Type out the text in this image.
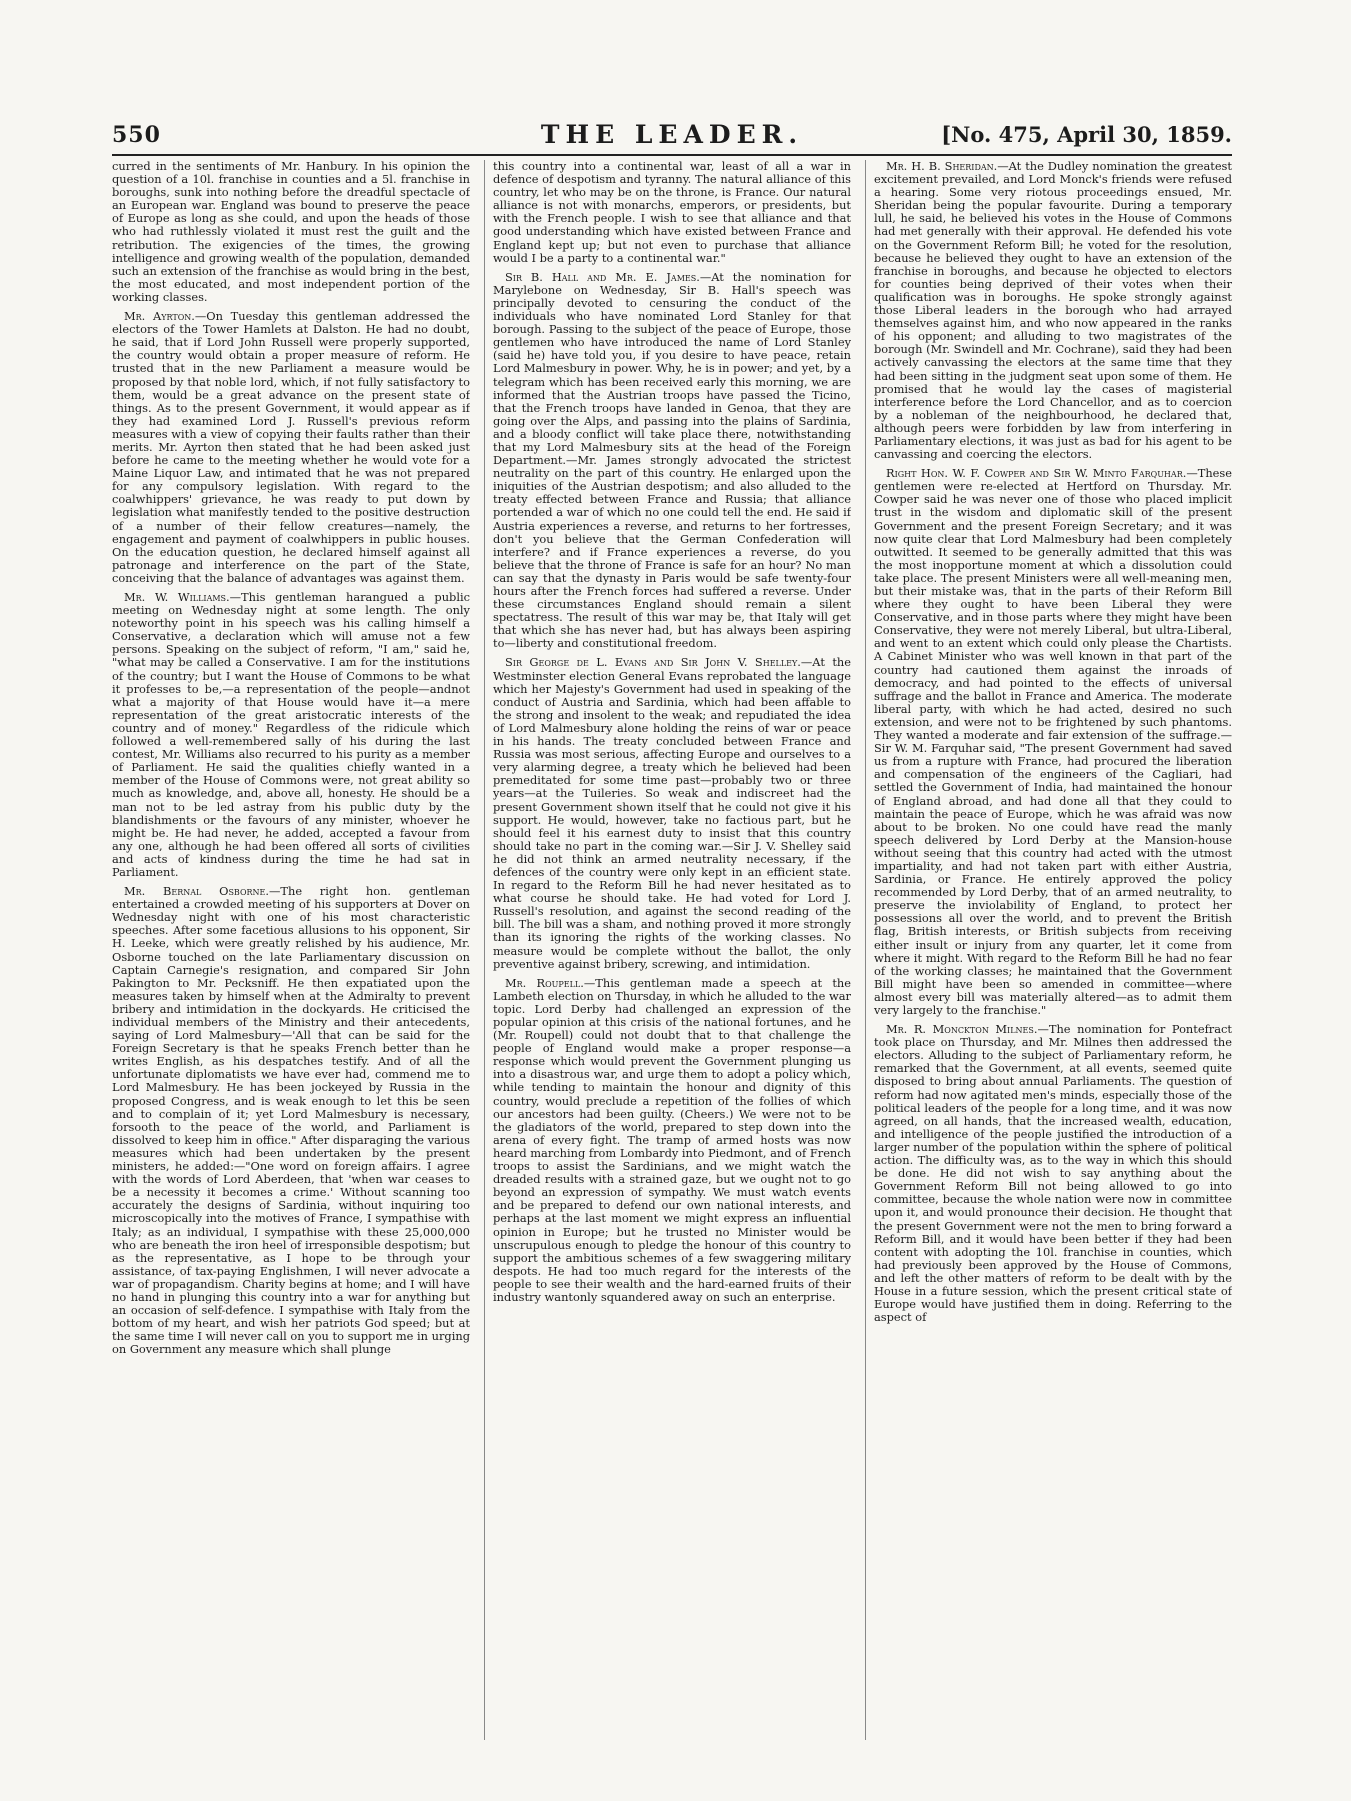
550	THE LEADER.	[No. 475, April 30, 1859.

curred in the sentiments of Mr. Hanbury. In his opinion the question of a 10l. franchise in counties and a 5l. franchise in boroughs, sunk into nothing before the dreadful spectacle of an European war. England was bound to preserve the peace of Europe as long as she could, and upon the heads of those who had ruthlessly violated it must rest the guilt and the retribution. The exigencies of the times, the growing intelligence and growing wealth of the population, demanded such an extension of the franchise as would bring in the best, the most educated, and most independent portion of the working classes.

Mr. Ayrton.—On Tuesday this gentleman addressed the electors of the Tower Hamlets at Dalston. He had no doubt, he said, that if Lord John Russell were properly supported, the country would obtain a proper measure of reform. He trusted that in the new Parliament a measure would be proposed by that noble lord, which, if not fully satisfactory to them, would be a great advance on the present state of things. As to the present Government, it would appear as if they had examined Lord J. Russell's previous reform measures with a view of copying their faults rather than their merits. Mr. Ayrton then stated that he had been asked just before he came to the meeting whether he would vote for a Maine Liquor Law, and intimated that he was not prepared for any compulsory legislation. With regard to the coalwhippers' grievance, he was ready to put down by legislation what manifestly tended to the positive destruction of a number of their fellow creatures—namely, the engagement and payment of coalwhippers in public houses. On the education question, he declared himself against all patronage and interference on the part of the State, conceiving that the balance of advantages was against them.

Mr. W. Williams.—This gentleman harangued a public meeting on Wednesday night at some length. The only noteworthy point in his speech was his calling himself a Conservative, a declaration which will amuse not a few persons. Speaking on the subject of reform, "I am," said he, "what may be called a Conservative. I am for the institutions of the country; but I want the House of Commons to be what it professes to be,—a representation of the people—andnot what a majority of that House would have it—a mere representation of the great aristocratic interests of the country and of money." Regardless of the ridicule which followed a well-remembered sally of his during the last contest, Mr. Williams also recurred to his purity as a member of Parliament. He said the qualities chiefly wanted in a member of the House of Commons were, not great ability so much as knowledge, and, above all, honesty. He should be a man not to be led astray from his public duty by the blandishments or the favours of any minister, whoever he might be. He had never, he added, accepted a favour from any one, although he had been offered all sorts of civilities and acts of kindness during the time he had sat in Parliament.

Mr. Bernal Osborne.—The right hon. gentleman entertained a crowded meeting of his supporters at Dover on Wednesday night with one of his most characteristic speeches. After some facetious allusions to his opponent, Sir H. Leeke, which were greatly relished by his audience, Mr. Osborne touched on the late Parliamentary discussion on Captain Carnegie's resignation, and compared Sir John Pakington to Mr. Pecksniff. He then expatiated upon the measures taken by himself when at the Admiralty to prevent bribery and intimidation in the dockyards. He criticised the individual members of the Ministry and their antecedents, saying of Lord Malmesbury—'All that can be said for the Foreign Secretary is that he speaks French better than he writes English, as his despatches testify. And of all the unfortunate diplomatists we have ever had, commend me to Lord Malmesbury. He has been jockeyed by Russia in the proposed Congress, and is weak enough to let this be seen and to complain of it; yet Lord Malmesbury is necessary, forsooth to the peace of the world, and Parliament is dissolved to keep him in office." After disparaging the various measures which had been undertaken by the present ministers, he added:—"One word on foreign affairs. I agree with the words of Lord Aberdeen, that 'when war ceases to be a necessity it becomes a crime.' Without scanning too accurately the designs of Sardinia, without inquiring too microscopically into the motives of France, I sympathise with Italy; as an individual, I sympathise with these 25,000,000 who are beneath the iron heel of irresponsible despotism; but as the representative, as I hope to be through your assistance, of tax-paying Englishmen, I will never advocate a war of propagandism. Charity begins at home; and I will have no hand in plunging this country into a war for anything but an occasion of self-defence. I sympathise with Italy from the bottom of my heart, and wish her patriots God speed; but at the same time I will never call on you to support me in urging on Government any measure which shall plunge

this country into a continental war, least of all a war in defence of despotism and tyranny. The natural alliance of this country, let who may be on the throne, is France. Our natural alliance is not with monarchs, emperors, or presidents, but with the French people. I wish to see that alliance and that good understanding which have existed between France and England kept up; but not even to purchase that alliance would I be a party to a continental war."

Sir B. Hall and Mr. E. James.—At the nomination for Marylebone on Wednesday, Sir B. Hall's speech was principally devoted to censuring the conduct of the individuals who have nominated Lord Stanley for that borough. Passing to the subject of the peace of Europe, those gentlemen who have introduced the name of Lord Stanley (said he) have told you, if you desire to have peace, retain Lord Malmesbury in power. Why, he is in power; and yet, by a telegram which has been received early this morning, we are informed that the Austrian troops have passed the Ticino, that the French troops have landed in Genoa, that they are going over the Alps, and passing into the plains of Sardinia, and a bloody conflict will take place there, notwithstanding that my Lord Malmesbury sits at the head of the Foreign Department.—Mr. James strongly advocated the strictest neutrality on the part of this country. He enlarged upon the iniquities of the Austrian despotism; and also alluded to the treaty effected between France and Russia; that alliance portended a war of which no one could tell the end. He said if Austria experiences a reverse, and returns to her fortresses, don't you believe that the German Confederation will interfere? and if France experiences a reverse, do you believe that the throne of France is safe for an hour? No man can say that the dynasty in Paris would be safe twenty-four hours after the French forces had suffered a reverse. Under these circumstances England should remain a silent spectatress. The result of this war may be, that Italy will get that which she has never had, but has always been aspiring to—liberty and constitutional freedom.

Sir George de L. Evans and Sir John V. Shelley.—At the Westminster election General Evans reprobated the language which her Majesty's Government had used in speaking of the conduct of Austria and Sardinia, which had been affable to the strong and insolent to the weak; and repudiated the idea of Lord Malmesbury alone holding the reins of war or peace in his hands. The treaty concluded between France and Russia was most serious, affecting Europe and ourselves to a very alarming degree, a treaty which he believed had been premeditated for some time past—probably two or three years—at the Tuileries. So weak and indiscreet had the present Government shown itself that he could not give it his support. He would, however, take no factious part, but he should feel it his earnest duty to insist that this country should take no part in the coming war.—Sir J. V. Shelley said he did not think an armed neutrality necessary, if the defences of the country were only kept in an efficient state. In regard to the Reform Bill he had never hesitated as to what course he should take. He had voted for Lord J. Russell's resolution, and against the second reading of the bill. The bill was a sham, and nothing proved it more strongly than its ignoring the rights of the working classes. No measure would be complete without the ballot, the only preventive against bribery, screwing, and intimidation.

Mr. Roupell.—This gentleman made a speech at the Lambeth election on Thursday, in which he alluded to the war topic. Lord Derby had challenged an expression of the popular opinion at this crisis of the national fortunes, and he (Mr. Roupell) could not doubt that to that challenge the people of England would make a proper response—a response which would prevent the Government plunging us into a disastrous war, and urge them to adopt a policy which, while tending to maintain the honour and dignity of this country, would preclude a repetition of the follies of which our ancestors had been guilty. (Cheers.) We were not to be the gladiators of the world, prepared to step down into the arena of every fight. The tramp of armed hosts was now heard marching from Lombardy into Piedmont, and of French troops to assist the Sardinians, and we might watch the dreaded results with a strained gaze, but we ought not to go beyond an expression of sympathy. We must watch events and be prepared to defend our own national interests, and perhaps at the last moment we might express an influential opinion in Europe; but he trusted no Minister would be unscrupulous enough to pledge the honour of this country to support the ambitious schemes of a few swaggering military despots. He had too much regard for the interests of the people to see their wealth and the hard-earned fruits of their industry wantonly squandered away on such an enterprise.

Mr. H. B. Sheridan.—At the Dudley nomination the greatest excitement prevailed, and Lord Monck's friends were refused a hearing. Some very riotous proceedings ensued, Mr. Sheridan being the popular favourite. During a temporary lull, he said, he believed his votes in the House of Commons had met generally with their approval. He defended his vote on the Government Reform Bill; he voted for the resolution, because he believed they ought to have an extension of the franchise in boroughs, and because he objected to electors for counties being deprived of their votes when their qualification was in boroughs. He spoke strongly against those Liberal leaders in the borough who had arrayed themselves against him, and who now appeared in the ranks of his opponent; and alluding to two magistrates of the borough (Mr. Swindell and Mr. Cochrane), said they had been actively canvassing the electors at the same time that they had been sitting in the judgment seat upon some of them. He promised that he would lay the cases of magisterial interference before the Lord Chancellor, and as to coercion by a nobleman of the neighbourhood, he declared that, although peers were forbidden by law from interfering in Parliamentary elections, it was just as bad for his agent to be canvassing and coercing the electors.

Right Hon. W. F. Cowper and Sir W. Minto Farquhar.—These gentlemen were re-elected at Hertford on Thursday. Mr. Cowper said he was never one of those who placed implicit trust in the wisdom and diplomatic skill of the present Government and the present Foreign Secretary; and it was now quite clear that Lord Malmesbury had been completely outwitted. It seemed to be generally admitted that this was the most inopportune moment at which a dissolution could take place. The present Ministers were all well-meaning men, but their mistake was, that in the parts of their Reform Bill where they ought to have been Liberal they were Conservative, and in those parts where they might have been Conservative, they were not merely Liberal, but ultra-Liberal, and went to an extent which could only please the Chartists. A Cabinet Minister who was well known in that part of the country had cautioned them against the inroads of democracy, and had pointed to the effects of universal suffrage and the ballot in France and America. The moderate liberal party, with which he had acted, desired no such extension, and were not to be frightened by such phantoms. They wanted a moderate and fair extension of the suffrage.—Sir W. M. Farquhar said, "The present Government had saved us from a rupture with France, had procured the liberation and compensation of the engineers of the Cagliari, had settled the Government of India, had maintained the honour of England abroad, and had done all that they could to maintain the peace of Europe, which he was afraid was now about to be broken. No one could have read the manly speech delivered by Lord Derby at the Mansion-house without seeing that this country had acted with the utmost impartiality, and had not taken part with either Austria, Sardinia, or France. He entirely approved the policy recommended by Lord Derby, that of an armed neutrality, to preserve the inviolability of England, to protect her possessions all over the world, and to prevent the British flag, British interests, or British subjects from receiving either insult or injury from any quarter, let it come from where it might. With regard to the Reform Bill he had no fear of the working classes; he maintained that the Government Bill might have been so amended in committee—where almost every bill was materially altered—as to admit them very largely to the franchise."

Mr. R. Monckton Milnes.—The nomination for Pontefract took place on Thursday, and Mr. Milnes then addressed the electors. Alluding to the subject of Parliamentary reform, he remarked that the Government, at all events, seemed quite disposed to bring about annual Parliaments. The question of reform had now agitated men's minds, especially those of the political leaders of the people for a long time, and it was now agreed, on all hands, that the increased wealth, education, and intelligence of the people justified the introduction of a larger number of the population within the sphere of political action. The difficulty was, as to the way in which this should be done. He did not wish to say anything about the Government Reform Bill not being allowed to go into committee, because the whole nation were now in committee upon it, and would pronounce their decision. He thought that the present Government were not the men to bring forward a Reform Bill, and it would have been better if they had been content with adopting the 10l. franchise in counties, which had previously been approved by the House of Commons, and left the other matters of reform to be dealt with by the House in a future session, which the present critical state of Europe would have justified them in doing. Referring to the aspect of
